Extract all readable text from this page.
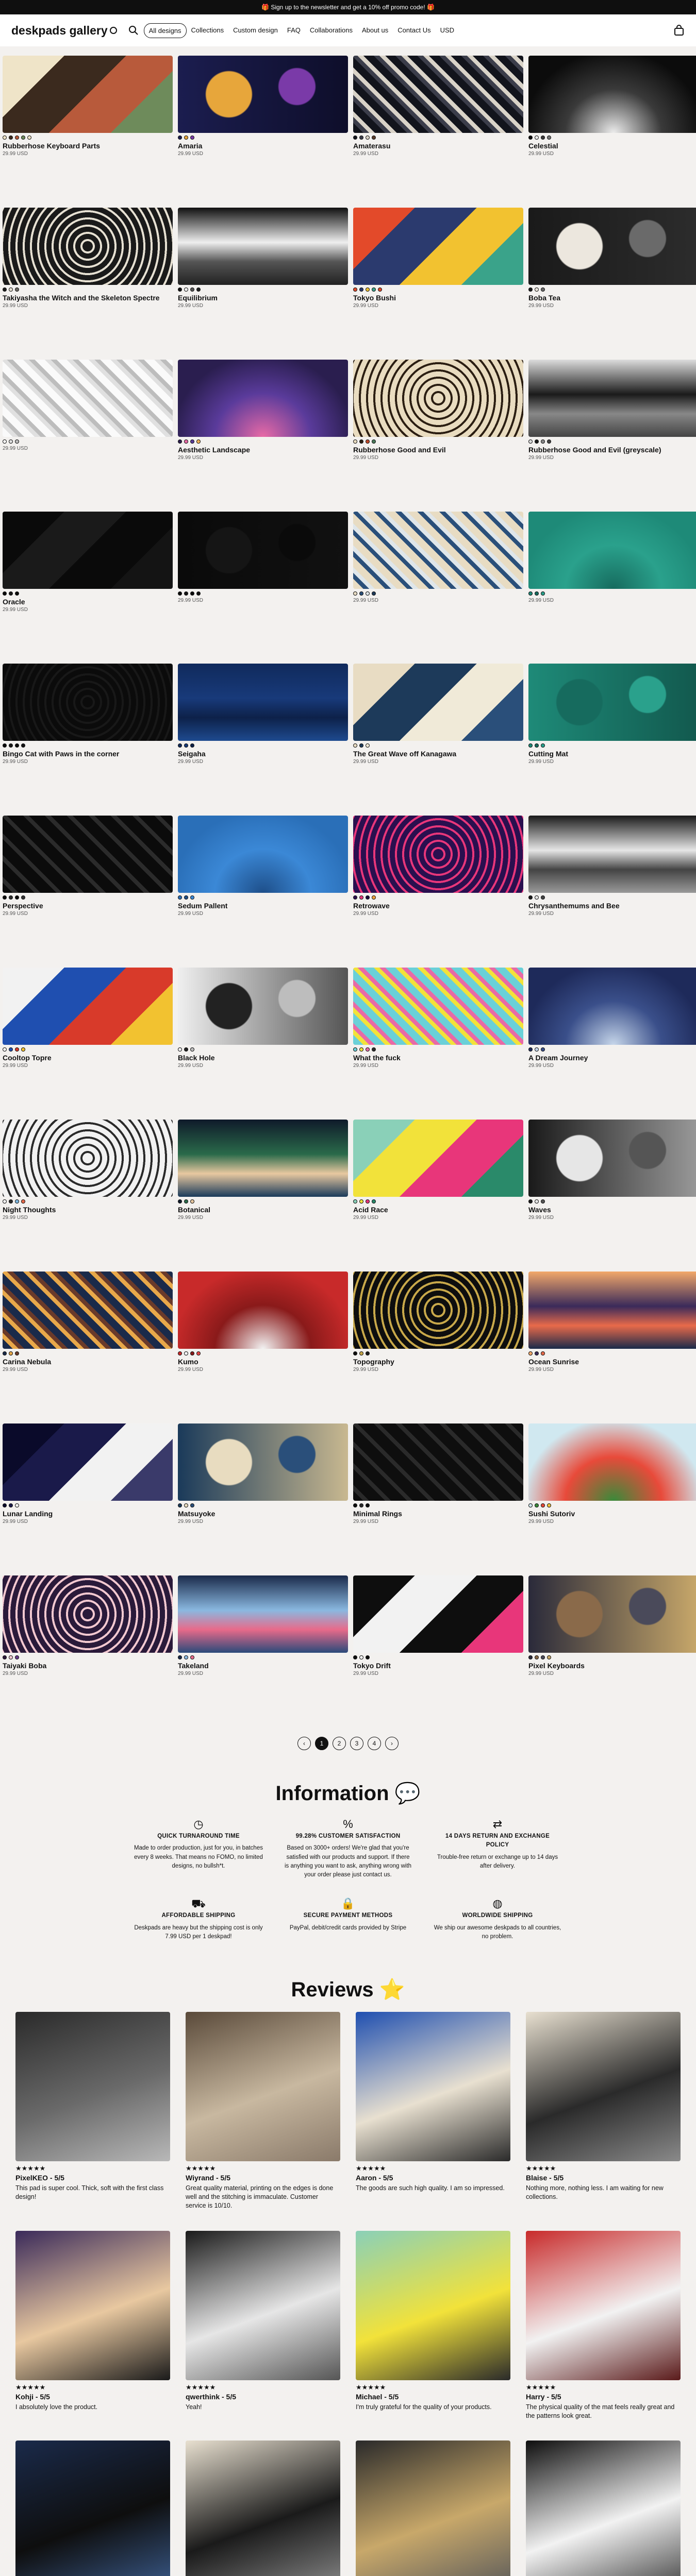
🎁 Sign up to the newsletter and get a 10% off promo code! 🎁
deskpads gallery	All designs	Collections	Custom design	FAQ	Collaborations	About us	Contact Us	USD
Rubberhose Keyboard Parts
29.99 USD
Amaria
29.99 USD
Amaterasu
29.99 USD
Celestial
29.99 USD
Takiyasha the Witch and the Skeleton Spectre
29.99 USD
Equilibrium
29.99 USD
Tokyo Bushi
29.99 USD
Boba Tea
29.99 USD
29.99 USD	Aesthetic Landscape
29.99 USD
Rubberhose Good and Evil
29.99 USD
Rubberhose Good and Evil (greyscale)
29.99 USD
Oracle
29.99 USD
29.99 USD	29.99 USD	29.99 USD
Bingo Cat with Paws in the corner
29.99 USD
Seigaha
29.99 USD
The Great Wave off Kanagawa
29.99 USD
Cutting Mat
29.99 USD
Perspective
29.99 USD
Sedum Pallent
29.99 USD
Retrowave
29.99 USD
Chrysanthemums and Bee
29.99 USD
Cooltop Topre
29.99 USD
Black Hole
29.99 USD
What the fuck
29.99 USD
A Dream Journey
29.99 USD
Night Thoughts
29.99 USD
Botanical
29.99 USD
Acid Race
29.99 USD
Waves
29.99 USD
Carina Nebula
29.99 USD
Kumo
29.99 USD
Topography
29.99 USD
Ocean Sunrise
29.99 USD
Lunar Landing
29.99 USD
Matsuyoke
29.99 USD
Minimal Rings
29.99 USD
Sushi Sutoriv
29.99 USD
Taiyaki Boba
29.99 USD
Takeland
29.99 USD
Tokyo Drift
29.99 USD
Pixel Keyboards
29.99 USD
‹	1	2	3	4	›
Information 💬
◷
QUICK TURNAROUND TIME
Made to order production, just for you, in batches every 8 weeks. That means no FOMO, no limited designs, no bullsh*t.
%
99.28% CUSTOMER SATISFACTION
Based on 3000+ orders! We're glad that you're satisfied with our products and support. If there is anything you want to ask, anything wrong with your order please just contact us.
⇄
14 DAYS RETURN AND EXCHANGE POLICY
Trouble-free return or exchange up to 14 days after delivery.
⛟
AFFORDABLE SHIPPING
Deskpads are heavy but the shipping cost is only 7.99 USD per 1 deskpad!
🔒
SECURE PAYMENT METHODS
PayPal, debit/credit cards provided by Stripe
◍
WORLDWIDE SHIPPING
We ship our awesome deskpads to all countries, no problem.
Reviews ⭐
★★★★★
PixelKEO - 5/5
This pad is super cool. Thick, soft with the first class design!
★★★★★
Wiyrand - 5/5
Great quality material, printing on the edges is done well and the stitching is immaculate. Customer service is 10/10.
★★★★★
Aaron - 5/5
The goods are such high quality. I am so impressed.
★★★★★
Blaise - 5/5
Nothing more, nothing less. I am waiting for new collections.
★★★★★
Kohji - 5/5
I absolutely love the product.
★★★★★
qwerthink - 5/5
Yeah!
★★★★★
Michael - 5/5
I'm truly grateful for the quality of your products.
★★★★★
Harry - 5/5
The physical quality of the mat feels really great and the patterns look great.
